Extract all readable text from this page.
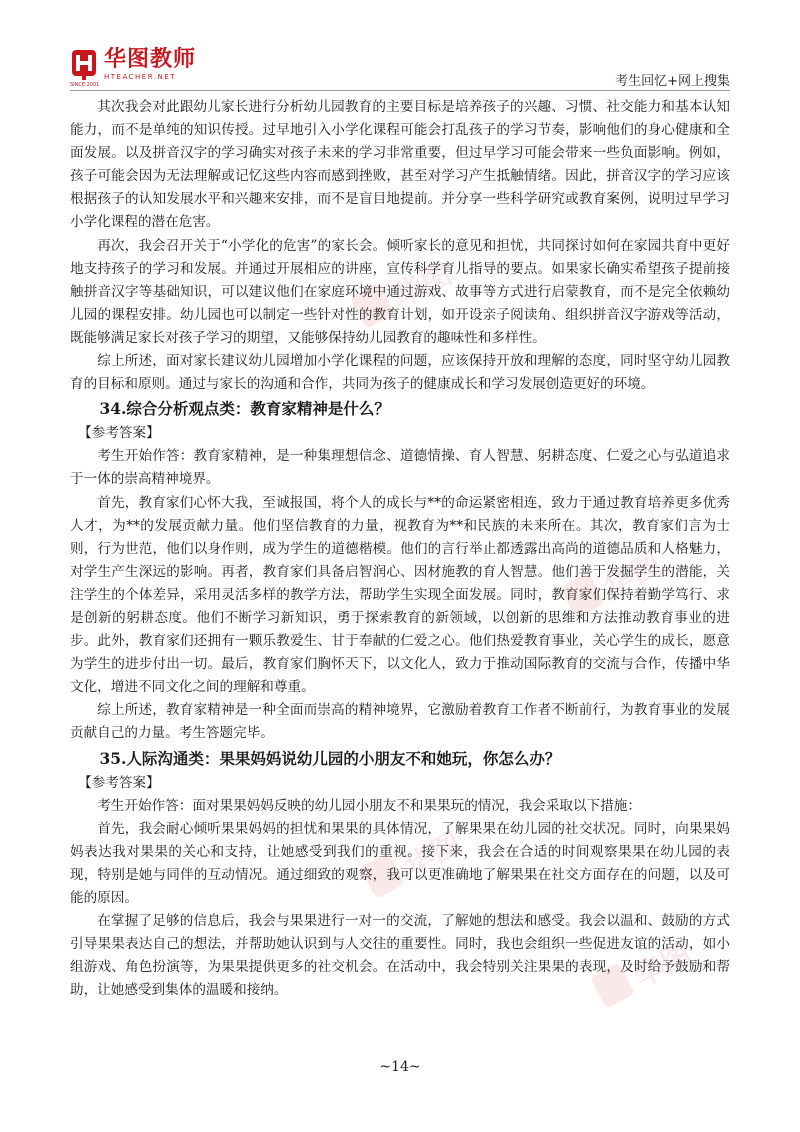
华图教师
HTEACHER.NET
SINCE 2001	考生回忆+网上搜集
华图
华图
华图
华图

其次我会对此跟幼儿家长进行分析幼儿园教育的主要目标是培养孩子的兴趣、习惯、社交能力和基本认知能力，而不是单纯的知识传授。过早地引入小学化课程可能会打乱孩子的学习节奏，影响他们的身心健康和全面发展。以及拼音汉字的学习确实对孩子未来的学习非常重要，但过早学习可能会带来一些负面影响。例如，孩子可能会因为无法理解或记忆这些内容而感到挫败，甚至对学习产生抵触情绪。因此，拼音汉字的学习应该根据孩子的认知发展水平和兴趣来安排，而不是盲目地提前。并分享一些科学研究或教育案例，说明过早学习小学化课程的潜在危害。

再次，我会召开关于“小学化的危害”的家长会。倾听家长的意见和担忧，共同探讨如何在家园共育中更好地支持孩子的学习和发展。并通过开展相应的讲座，宣传科学育儿指导的要点。如果家长确实希望孩子提前接触拼音汉字等基础知识，可以建议他们在家庭环境中通过游戏、故事等方式进行启蒙教育，而不是完全依赖幼儿园的课程安排。幼儿园也可以制定一些针对性的教育计划，如开设亲子阅读角、组织拼音汉字游戏等活动，既能够满足家长对孩子学习的期望，又能够保持幼儿园教育的趣味性和多样性。

综上所述，面对家长建议幼儿园增加小学化课程的问题，应该保持开放和理解的态度，同时坚守幼儿园教育的目标和原则。通过与家长的沟通和合作，共同为孩子的健康成长和学习发展创造更好的环境。

34.综合分析观点类：教育家精神是什么？

【参考答案】

考生开始作答：教育家精神，是一种集理想信念、道德情操、育人智慧、躬耕态度、仁爱之心与弘道追求于一体的崇高精神境界。

首先，教育家们心怀大我，至诚报国，将个人的成长与**的命运紧密相连，致力于通过教育培养更多优秀人才，为**的发展贡献力量。他们坚信教育的力量，视教育为**和民族的未来所在。其次，教育家们言为士则，行为世范，他们以身作则，成为学生的道德楷模。他们的言行举止都透露出高尚的道德品质和人格魅力，对学生产生深远的影响。再者，教育家们具备启智润心、因材施教的育人智慧。他们善于发掘学生的潜能，关注学生的个体差异，采用灵活多样的教学方法，帮助学生实现全面发展。同时，教育家们保持着勤学笃行、求是创新的躬耕态度。他们不断学习新知识，勇于探索教育的新领域，以创新的思维和方法推动教育事业的进步。此外，教育家们还拥有一颗乐教爱生、甘于奉献的仁爱之心。他们热爱教育事业，关心学生的成长，愿意为学生的进步付出一切。最后，教育家们胸怀天下，以文化人，致力于推动国际教育的交流与合作，传播中华文化，增进不同文化之间的理解和尊重。

综上所述，教育家精神是一种全面而崇高的精神境界，它激励着教育工作者不断前行，为教育事业的发展贡献自己的力量。考生答题完毕。

35.人际沟通类：果果妈妈说幼儿园的小朋友不和她玩，你怎么办？

【参考答案】

考生开始作答：面对果果妈妈反映的幼儿园小朋友不和果果玩的情况，我会采取以下措施：

首先，我会耐心倾听果果妈妈的担忧和果果的具体情况，了解果果在幼儿园的社交状况。同时，向果果妈妈表达我对果果的关心和支持，让她感受到我们的重视。接下来，我会在合适的时间观察果果在幼儿园的表现，特别是她与同伴的互动情况。通过细致的观察，我可以更准确地了解果果在社交方面存在的问题，以及可能的原因。

在掌握了足够的信息后，我会与果果进行一对一的交流，了解她的想法和感受。我会以温和、鼓励的方式引导果果表达自己的想法，并帮助她认识到与人交往的重要性。同时，我也会组织一些促进友谊的活动，如小组游戏、角色扮演等，为果果提供更多的社交机会。在活动中，我会特别关注果果的表现，及时给予鼓励和帮助，让她感受到集体的温暖和接纳。

~14~
